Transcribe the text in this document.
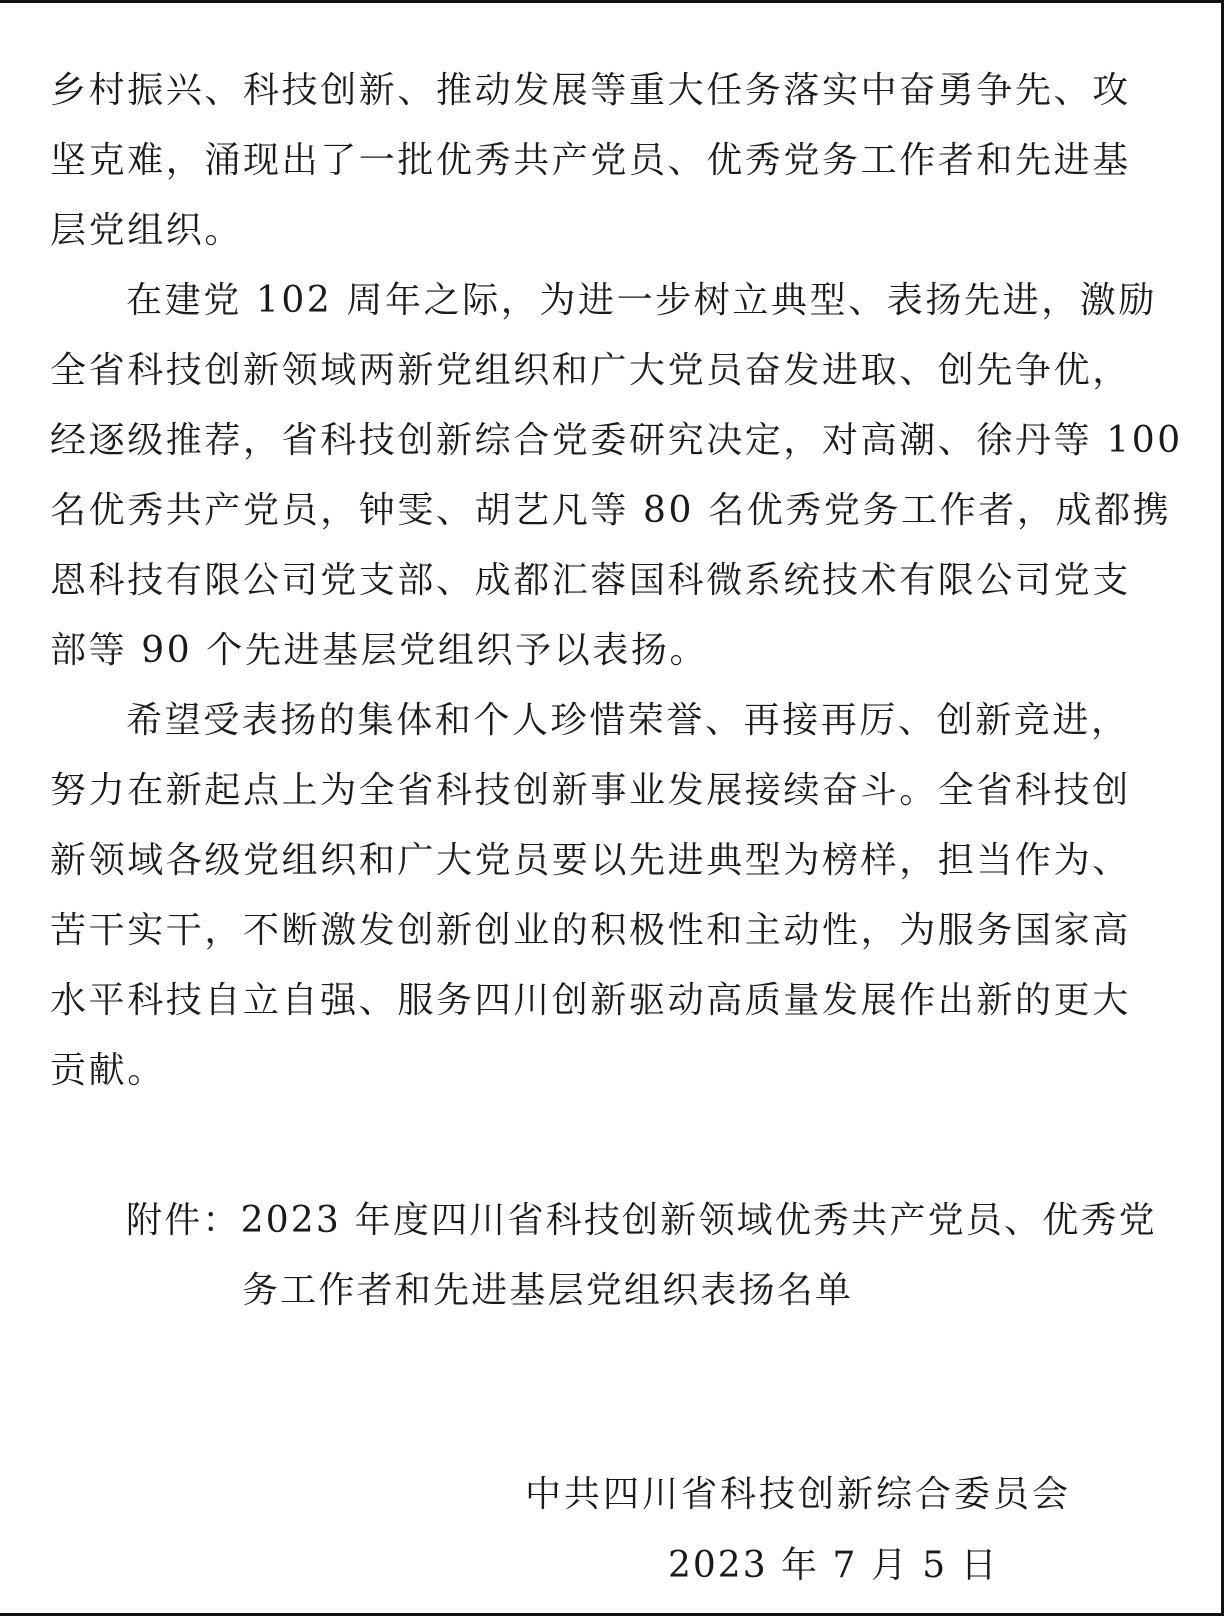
乡村振兴、科技创新、推动发展等重大任务落实中奋勇争先、攻
坚克难，涌现出了一批优秀共产党员、优秀党务工作者和先进基
层党组织。
在建党 102 周年之际，为进一步树立典型、表扬先进，激励
全省科技创新领域两新党组织和广大党员奋发进取、创先争优，
经逐级推荐，省科技创新综合党委研究决定，对高潮、徐丹等 100
名优秀共产党员，钟雯、胡艺凡等 80 名优秀党务工作者，成都携
恩科技有限公司党支部、成都汇蓉国科微系统技术有限公司党支
部等 90 个先进基层党组织予以表扬。
希望受表扬的集体和个人珍惜荣誉、再接再厉、创新竞进，
努力在新起点上为全省科技创新事业发展接续奋斗。全省科技创
新领域各级党组织和广大党员要以先进典型为榜样，担当作为、
苦干实干，不断激发创新创业的积极性和主动性，为服务国家高
水平科技自立自强、服务四川创新驱动高质量发展作出新的更大
贡献。
附件：2023 年度四川省科技创新领域优秀共产党员、优秀党
务工作者和先进基层党组织表扬名单
中共四川省科技创新综合委员会
2023 年 7 月 5 日
